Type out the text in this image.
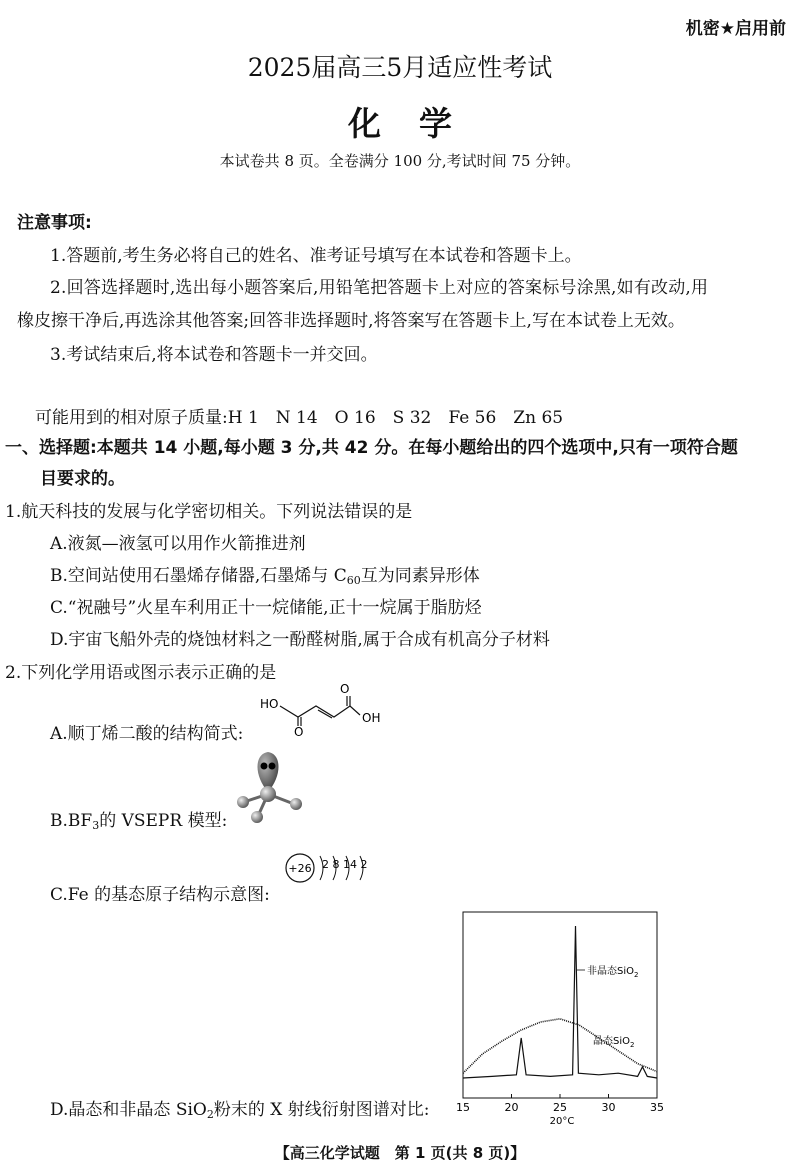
机密★启用前
2025届高三5月适应性考试
化学
本试卷共 8 页。全卷满分 100 分,考试时间 75 分钟。
注意事项:
1.答题前,考生务必将自己的姓名、准考证号填写在本试卷和答题卡上。
2.回答选择题时,选出每小题答案后,用铅笔把答题卡上对应的答案标号涂黑,如有改动,用
橡皮擦干净后,再选涂其他答案;回答非选择题时,将答案写在答题卡上,写在本试卷上无效。
3.考试结束后,将本试卷和答题卡一并交回。
可能用到的相对原子质量:H 1　N 14　O 16　S 32　Fe 56　Zn 65
一、选择题:本题共 14 小题,每小题 3 分,共 42 分。在每小题给出的四个选项中,只有一项符合题
目要求的。
1.航天科技的发展与化学密切相关。下列说法错误的是
A.液氮—液氢可以用作火箭推进剂
B.空间站使用石墨烯存储器,石墨烯与 $C_{60}$互为同素异形体
C.“祝融号”火星车利用正十一烷储能,正十一烷属于脂肪烃
D.宇宙飞船外壳的烧蚀材料之一酚醛树脂,属于合成有机高分子材料
2.下列化学用语或图示表示正确的是
A.顺丁烯二酸的结构简式:
HO
OH
O
O
$B.BF_3$的 VSEPR 模型:
C.Fe 的基态原子结构示意图:
+26 2 8 14 2
D.晶态和非晶态 SiO$_2$粉末的 X 射线衍射图谱对比: 15	20	25	30	35
非晶态SiO$_2$
晶态SiO$_2$
20°C
【高三化学试题　第 1 页(共 8 页)】
